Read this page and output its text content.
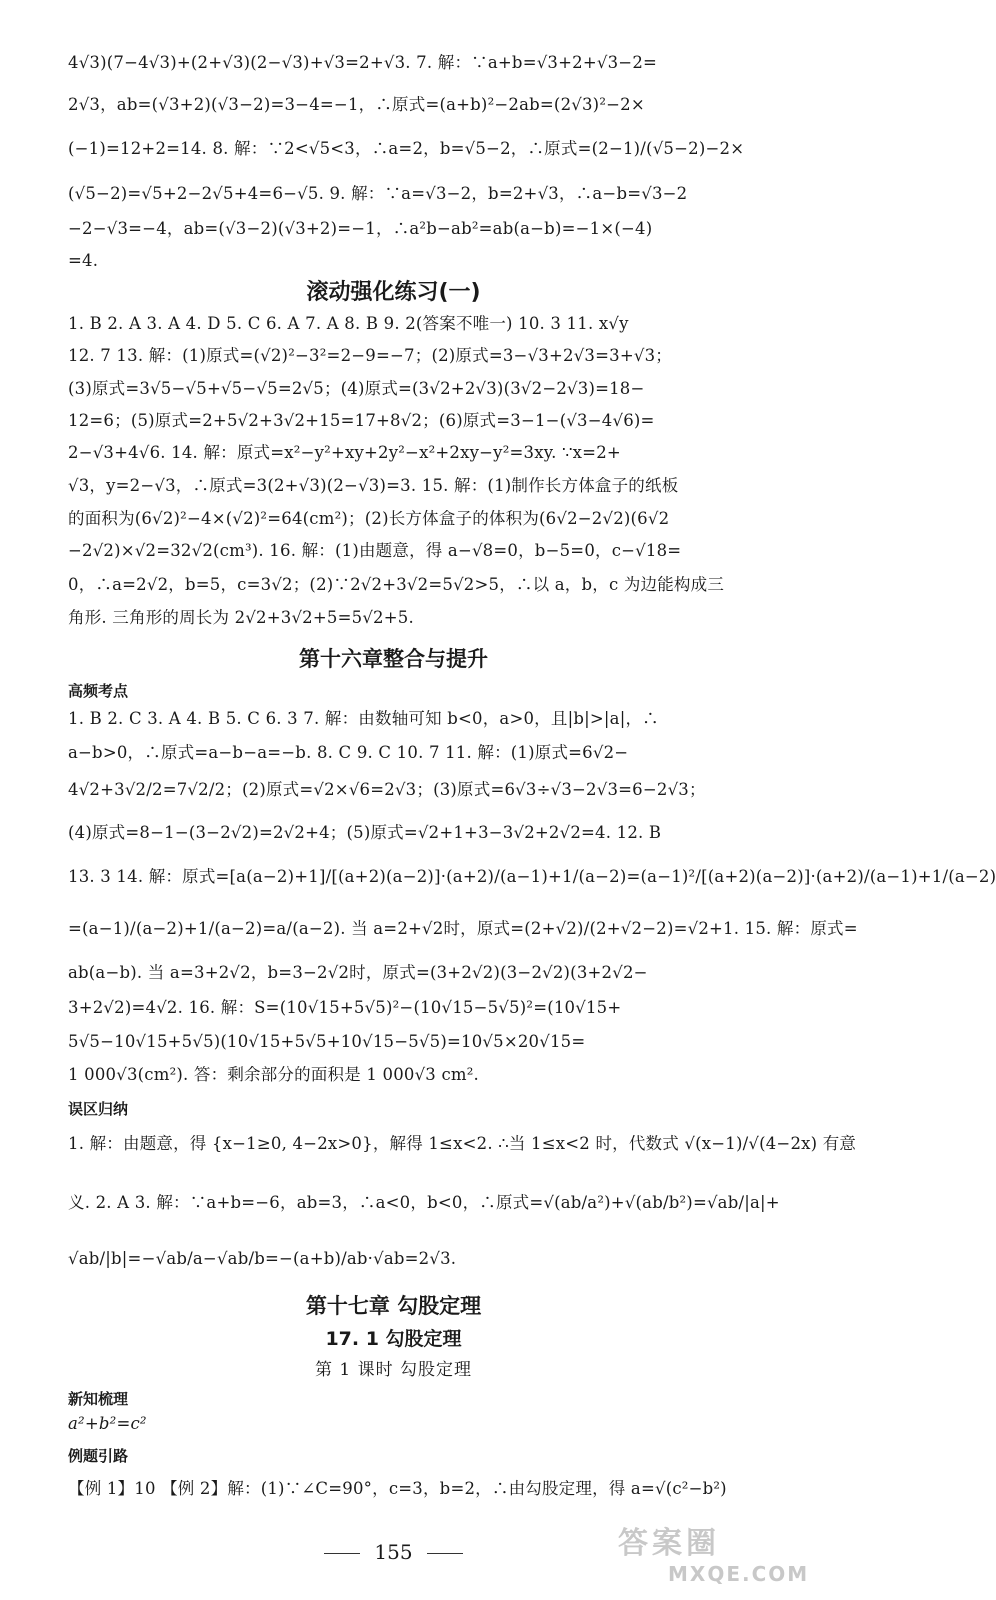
4√3)(7−4√3)+(2+√3)(2−√3)+√3=2+√3. 7. 解：∵a+b=√3+2+√3−2=
2√3，ab=(√3+2)(√3−2)=3−4=−1，∴原式=(a+b)²−2ab=(2√3)²−2×
(−1)=12+2=14. 8. 解：∵2<√5<3，∴a=2，b=√5−2，∴原式=(2−1)/(√5−2)−2×
(√5−2)=√5+2−2√5+4=6−√5. 9. 解：∵a=√3−2，b=2+√3，∴a−b=√3−2
−2−√3=−4，ab=(√3−2)(√3+2)=−1，∴a²b−ab²=ab(a−b)=−1×(−4)
=4.
滚动强化练习(一)
1. B 2. A 3. A 4. D 5. C 6. A 7. A 8. B 9. 2(答案不唯一) 10. 3 11. x√y
12. 7 13. 解：(1)原式=(√2)²−3²=2−9=−7；(2)原式=3−√3+2√3=3+√3；
(3)原式=3√5−√5+√5−√5=2√5；(4)原式=(3√2+2√3)(3√2−2√3)=18−
12=6；(5)原式=2+5√2+3√2+15=17+8√2；(6)原式=3−1−(√3−4√6)=
2−√3+4√6. 14. 解：原式=x²−y²+xy+2y²−x²+2xy−y²=3xy. ∵x=2+
√3，y=2−√3，∴原式=3(2+√3)(2−√3)=3. 15. 解：(1)制作长方体盒子的纸板
的面积为(6√2)²−4×(√2)²=64(cm²)；(2)长方体盒子的体积为(6√2−2√2)(6√2
−2√2)×√2=32√2(cm³). 16. 解：(1)由题意，得 a−√8=0，b−5=0，c−√18=
0，∴a=2√2，b=5，c=3√2；(2)∵2√2+3√2=5√2>5，∴以 a，b，c 为边能构成三
角形. 三角形的周长为 2√2+3√2+5=5√2+5.
第十六章整合与提升
高频考点
1. B 2. C 3. A 4. B 5. C 6. 3 7. 解：由数轴可知 b<0，a>0，且|b|>|a|，∴
a−b>0，∴原式=a−b−a=−b. 8. C 9. C 10. 7 11. 解：(1)原式=6√2−
4√2+3√2/2=7√2/2；(2)原式=√2×√6=2√3；(3)原式=6√3÷√3−2√3=6−2√3；
(4)原式=8−1−(3−2√2)=2√2+4；(5)原式=√2+1+3−3√2+2√2=4. 12. B
13. 3 14. 解：原式=[a(a−2)+1]/[(a+2)(a−2)]·(a+2)/(a−1)+1/(a−2)=(a−1)²/[(a+2)(a−2)]·(a+2)/(a−1)+1/(a−2)
=(a−1)/(a−2)+1/(a−2)=a/(a−2). 当 a=2+√2时，原式=(2+√2)/(2+√2−2)=√2+1. 15. 解：原式=
ab(a−b). 当 a=3+2√2，b=3−2√2时，原式=(3+2√2)(3−2√2)(3+2√2−
3+2√2)=4√2. 16. 解：S=(10√15+5√5)²−(10√15−5√5)²=(10√15+
5√5−10√15+5√5)(10√15+5√5+10√15−5√5)=10√5×20√15=
1 000√3(cm²). 答：剩余部分的面积是 1 000√3 cm².
误区归纳
1. 解：由题意，得 {x−1≥0, 4−2x>0}，解得 1≤x<2. ∴当 1≤x<2 时，代数式 √(x−1)/√(4−2x) 有意
义. 2. A 3. 解：∵a+b=−6，ab=3，∴a<0，b<0，∴原式=√(ab/a²)+√(ab/b²)=√ab/|a|+
√ab/|b|=−√ab/a−√ab/b=−(a+b)/ab·√ab=2√3.
第十七章 勾股定理
17. 1 勾股定理
第 1 课时 勾股定理
新知梳理
a²+b²=c²
例题引路
【例 1】10 【例 2】解：(1)∵∠C=90°，c=3，b=2，∴由勾股定理，得 a=√(c²−b²)
155	答案圈
MXQE.COM
